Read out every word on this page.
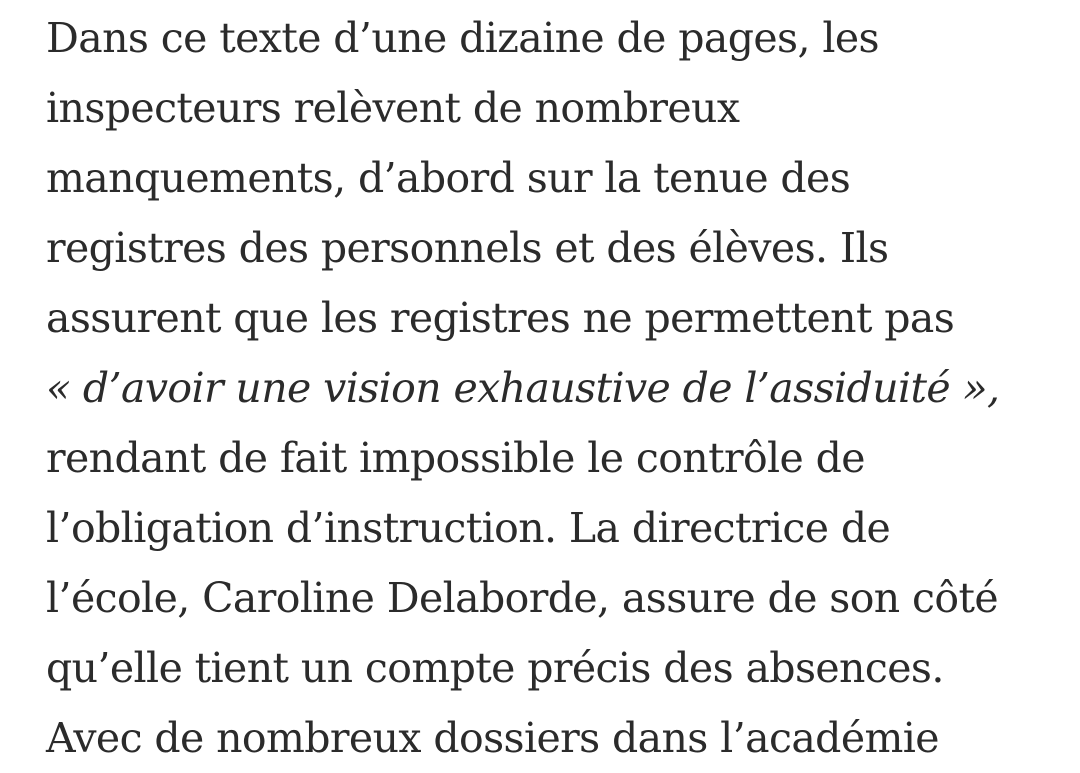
Dans ce texte d’une dizaine de pages, les
inspecteurs relèvent de nombreux
manquements, d’abord sur la tenue des
registres des personnels et des élèves. Ils
assurent que les registres ne permettent pas
« d’avoir une vision exhaustive de l’assiduité »,
rendant de fait impossible le contrôle de
l’obligation d’instruction. La directrice de
l’école, Caroline Delaborde, assure de son côté
qu’elle tient un compte précis des absences.
Avec de nombreux dossiers dans l’académie
